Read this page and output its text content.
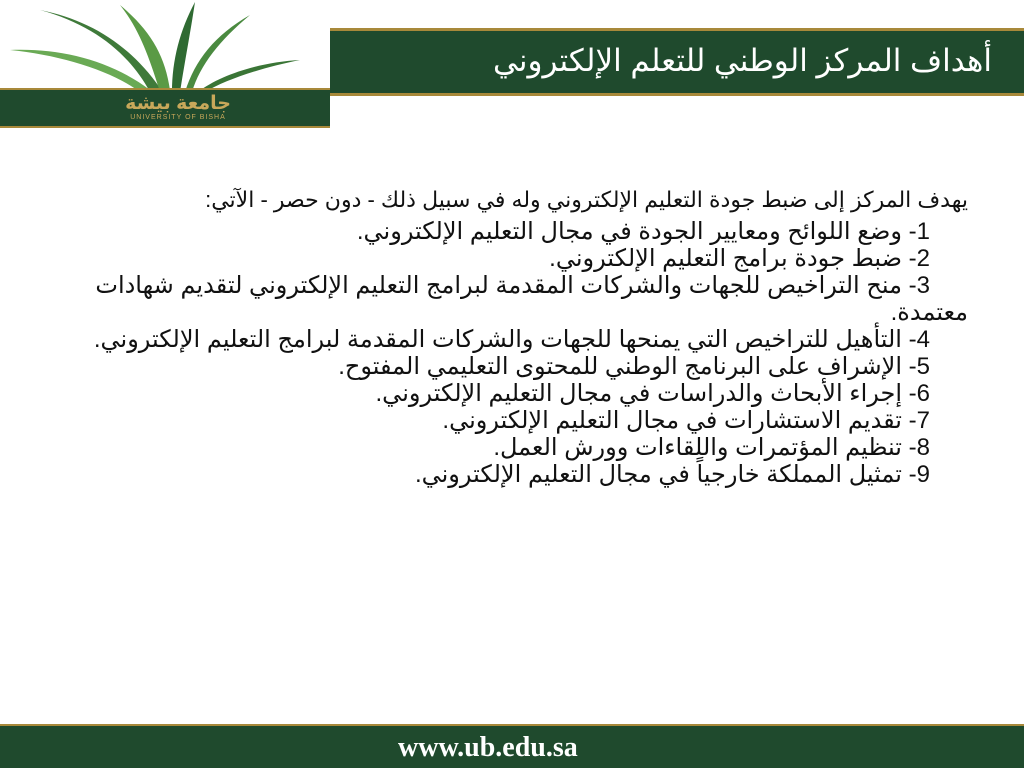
أهداف المركز الوطني للتعلم الإلكتروني
جامعة بيشة
UNIVERSITY OF BISHA

يهدف المركز إلى ضبط جودة التعليم الإلكتروني وله في سبيل ذلك - دون حصر - الآتي:

1- وضع اللوائح ومعايير الجودة في مجال التعليم الإلكتروني.

2- ضبط جودة برامج التعليم الإلكتروني.

3- منح التراخيص للجهات والشركات المقدمة لبرامج التعليم الإلكتروني لتقديم شهادات معتمدة.

4- التأهيل للتراخيص التي يمنحها للجهات والشركات المقدمة لبرامج التعليم الإلكتروني.

5- الإشراف على البرنامج الوطني للمحتوى التعليمي المفتوح.

6- إجراء الأبحاث والدراسات في مجال التعليم الإلكتروني.

7- تقديم الاستشارات في مجال التعليم الإلكتروني.

8- تنظيم المؤتمرات واللقاءات وورش العمل.

9- تمثيل المملكة خارجياً في مجال التعليم الإلكتروني.

www.ub.edu.sa
